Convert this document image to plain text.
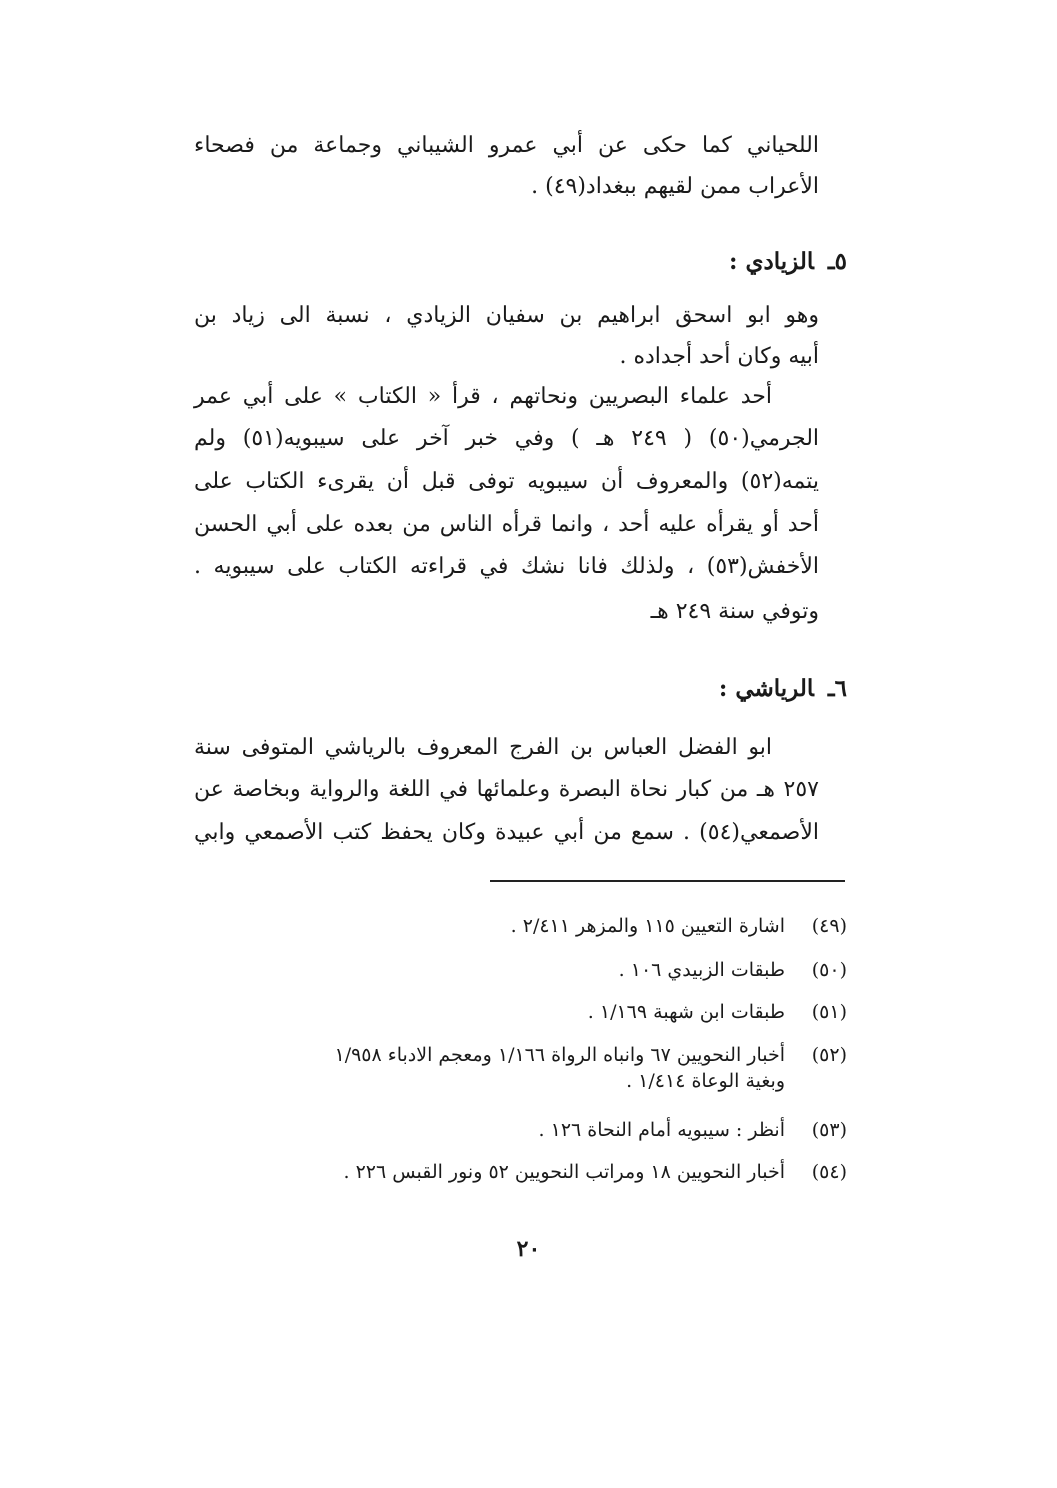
اللحياني كما حكى عن أبي عمرو الشيباني وجماعة من فصحاء
الأعراب ممن لقيهم ببغداد(٤٩) .
٥ـالزيادي :
وهو ابو اسحق ابراهيم بن سفيان الزيادي ، نسبة الى زياد بن
أبيه وكان أحد أجداده .
أحد علماء البصريين ونحاتهم ، قرأ « الكتاب » على أبي عمر
الجرمي(٥٠) ( ٢٤٩ هـ ) وفي خبر آخر على سيبويه(٥١) ولم
يتمه(٥٢) والمعروف أن سيبويه توفى قبل أن يقرىء الكتاب على
أحد أو يقرأه عليه أحد ، وانما قرأه الناس من بعده على أبي الحسن
الأخفش(٥٣) ، ولذلك فانا نشك في قراءته الكتاب على سيبويه .
وتوفي سنة ٢٤٩ هـ
٦ـالرياشي :
ابو الفضل العباس بن الفرج المعروف بالرياشي المتوفى سنة
٢٥٧ هـ من كبار نحاة البصرة وعلمائها في اللغة والرواية وبخاصة عن
الأصمعي(٥٤) . سمع من أبي عبيدة وكان يحفظ كتب الأصمعي وابي
(٤٩)اشارة التعيين ١١٥ والمزهر ٢/٤١١ .
(٥٠)طبقات الزبيدي ١٠٦ .
(٥١)طبقات ابن شهبة ١/١٦٩ .
(٥٢)أخبار النحويين ٦٧ وانباه الرواة ١/١٦٦ ومعجم الادباء ١/٩٥٨
وبغية الوعاة ١/٤١٤ .
(٥٣)أنظر : سيبويه أمام النحاة ١٢٦ .
(٥٤)أخبار النحويين ١٨ ومراتب النحويين ٥٢ ونور القبس ٢٢٦ .
٢٠
